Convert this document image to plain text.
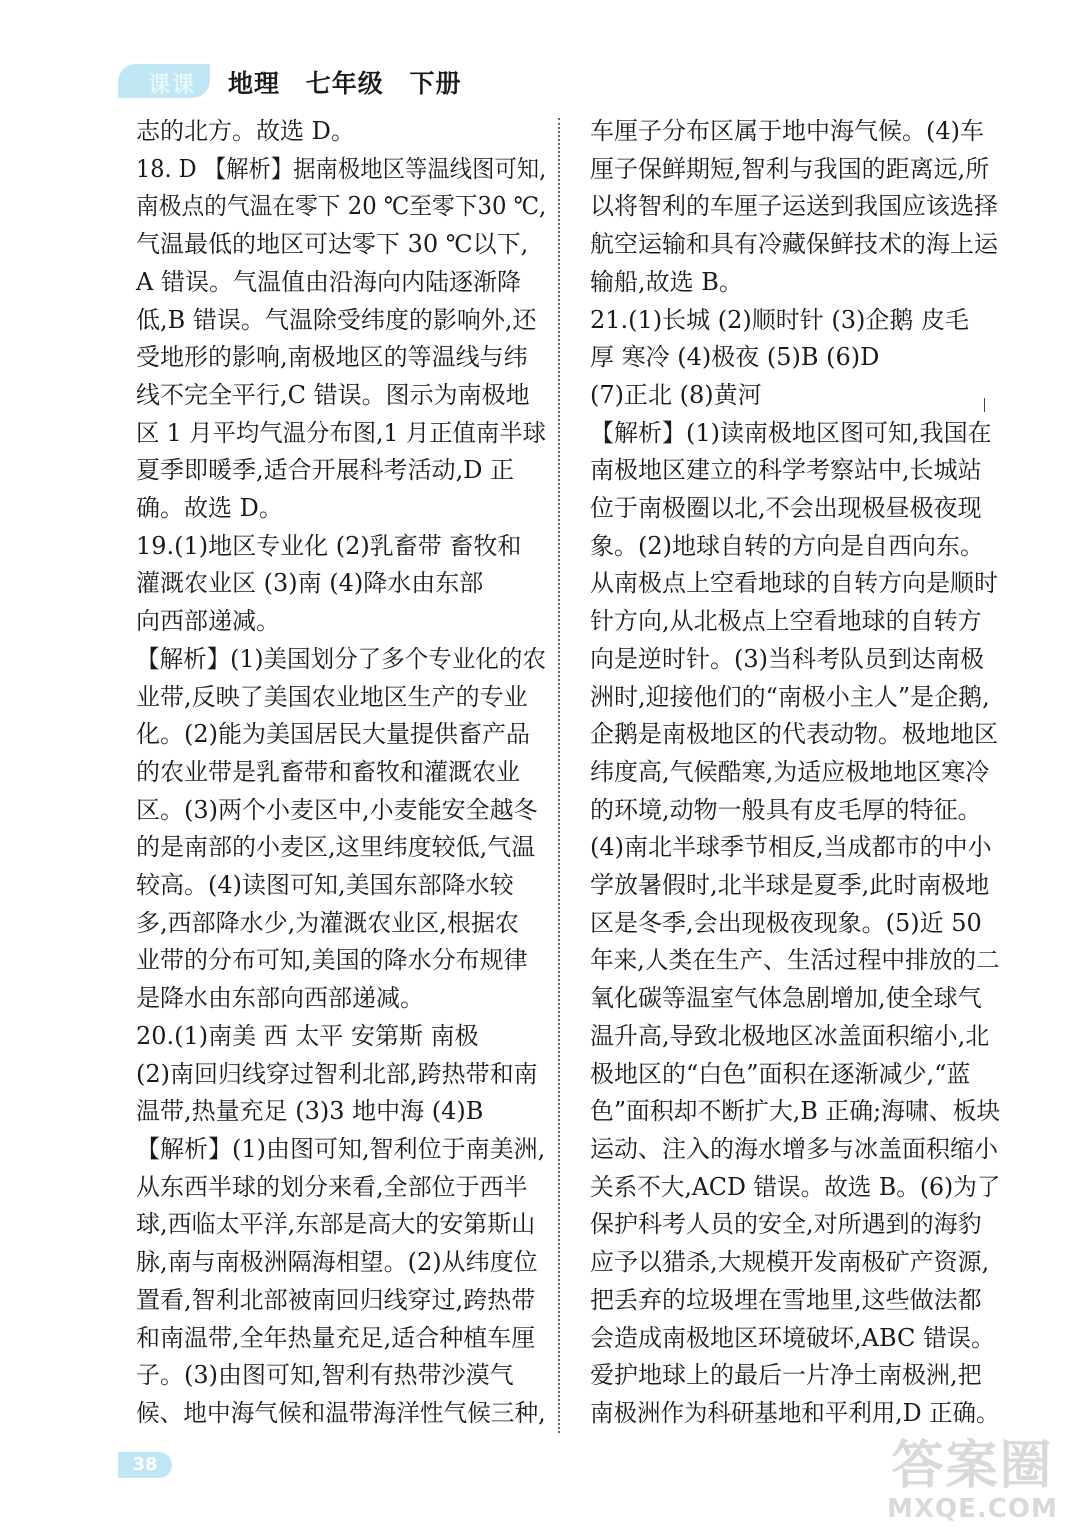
课课 地理 七年级 下册

志的北方。故选 D。

18. D 【解析】据南极地区等温线图可知,

南极点的气温在零下 20 ℃至零下30 ℃,

气温最低的地区可达零下 30 ℃以下,

A 错误。气温值由沿海向内陆逐渐降

低,B 错误。气温除受纬度的影响外,还

受地形的影响,南极地区的等温线与纬

线不完全平行,C 错误。图示为南极地

区 1 月平均气温分布图,1 月正值南半球

夏季即暖季,适合开展科考活动,D 正

确。故选 D。

19.(1)地区专业化 (2)乳畜带 畜牧和

灌溉农业区 (3)南 (4)降水由东部

向西部递减。

【解析】(1)美国划分了多个专业化的农

业带,反映了美国农业地区生产的专业

化。(2)能为美国居民大量提供畜产品

的农业带是乳畜带和畜牧和灌溉农业

区。(3)两个小麦区中,小麦能安全越冬

的是南部的小麦区,这里纬度较低,气温

较高。(4)读图可知,美国东部降水较

多,西部降水少,为灌溉农业区,根据农

业带的分布可知,美国的降水分布规律

是降水由东部向西部递减。

20.(1)南美 西 太平 安第斯 南极

(2)南回归线穿过智利北部,跨热带和南

温带,热量充足 (3)3 地中海 (4)B

【解析】(1)由图可知,智利位于南美洲,

从东西半球的划分来看,全部位于西半

球,西临太平洋,东部是高大的安第斯山

脉,南与南极洲隔海相望。(2)从纬度位

置看,智利北部被南回归线穿过,跨热带

和南温带,全年热量充足,适合种植车厘

子。(3)由图可知,智利有热带沙漠气

候、地中海气候和温带海洋性气候三种,

车厘子分布区属于地中海气候。(4)车

厘子保鲜期短,智利与我国的距离远,所

以将智利的车厘子运送到我国应该选择

航空运输和具有冷藏保鲜技术的海上运

输船,故选 B。

21.(1)长城 (2)顺时针 (3)企鹅 皮毛

厚 寒冷 (4)极夜 (5)B (6)D

(7)正北 (8)黄河

【解析】(1)读南极地区图可知,我国在

南极地区建立的科学考察站中,长城站

位于南极圈以北,不会出现极昼极夜现

象。(2)地球自转的方向是自西向东。

从南极点上空看地球的自转方向是顺时

针方向,从北极点上空看地球的自转方

向是逆时针。(3)当科考队员到达南极

洲时,迎接他们的“南极小主人”是企鹅,

企鹅是南极地区的代表动物。极地地区

纬度高,气候酷寒,为适应极地地区寒冷

的环境,动物一般具有皮毛厚的特征。

(4)南北半球季节相反,当成都市的中小

学放暑假时,北半球是夏季,此时南极地

区是冬季,会出现极夜现象。(5)近 50

年来,人类在生产、生活过程中排放的二

氧化碳等温室气体急剧增加,使全球气

温升高,导致北极地区冰盖面积缩小,北

极地区的“白色”面积在逐渐减少,“蓝

色”面积却不断扩大,B 正确;海啸、板块

运动、注入的海水增多与冰盖面积缩小

关系不大,ACD 错误。故选 B。(6)为了

保护科考人员的安全,对所遇到的海豹

应予以猎杀,大规模开发南极矿产资源,

把丢弃的垃圾埋在雪地里,这些做法都

会造成南极地区环境破坏,ABC 错误。

爱护地球上的最后一片净土南极洲,把

南极洲作为科研基地和平利用,D 正确。

38	答案圈
MXQE.COM
